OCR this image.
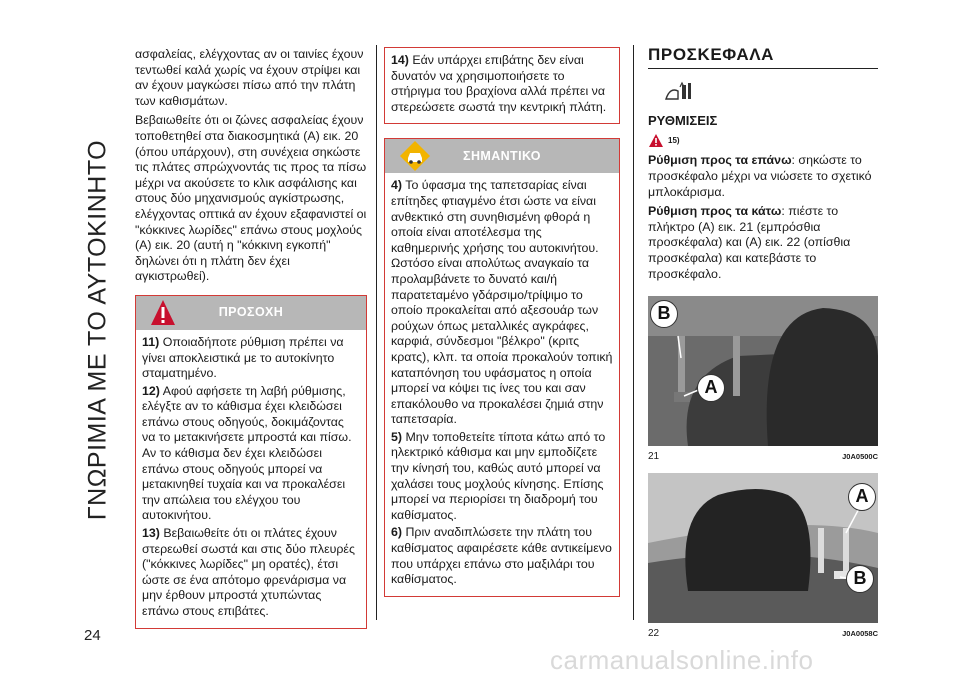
ΓΝΩΡΙΜΙΑ ΜΕ ΤΟ ΑΥΤΟΚΙΝΗΤΟ
24

ασφαλείας, ελέγχοντας αν οι ταινίες έχουν τεντωθεί καλά χωρίς να έχουν στρίψει και αν έχουν μαγκώσει πίσω από την πλάτη των καθισμάτων.

Βεβαιωθείτε ότι οι ζώνες ασφαλείας έχουν τοποθετηθεί στα διακοσμητικά (A) εικ. 20 (όπου υπάρχουν), στη συνέχεια σηκώστε τις πλάτες σπρώχνοντάς τις προς τα πίσω μέχρι να ακούσετε το κλικ ασφάλισης και στους δύο μηχανισμούς αγκίστρωσης, ελέγχοντας οπτικά αν έχουν εξαφανιστεί οι "κόκκινες λωρίδες" επάνω στους μοχλούς (A) εικ. 20 (αυτή η "κόκκινη εγκοπή" δηλώνει ότι η πλάτη δεν έχει αγκιστρωθεί).

ΠΡΟΣΟΧΗ

11) Οποιαδήποτε ρύθμιση πρέπει να γίνει αποκλειστικά με το αυτοκίνητο σταματημένο.

12) Αφού αφήσετε τη λαβή ρύθμισης, ελέγξτε αν το κάθισμα έχει κλειδώσει επάνω στους οδηγούς, δοκιμάζοντας να το μετακινήσετε μπροστά και πίσω. Αν το κάθισμα δεν έχει κλειδώσει επάνω στους οδηγούς μπορεί να μετακινηθεί τυχαία και να προκαλέσει την απώλεια του ελέγχου του αυτοκινήτου.

13) Βεβαιωθείτε ότι οι πλάτες έχουν στερεωθεί σωστά και στις δύο πλευρές ("κόκκινες λωρίδες" μη ορατές), έτσι ώστε σε ένα απότομο φρενάρισμα να μην έρθουν μπροστά χτυπώντας επάνω στους επιβάτες.

14) Εάν υπάρχει επιβάτης δεν είναι δυνατόν να χρησιμοποιήσετε το στήριγμα του βραχίονα αλλά πρέπει να στερεώσετε σωστά την κεντρική πλάτη.

ΣΗΜΑΝΤΙΚΟ

4) Το ύφασμα της ταπετσαρίας είναι επίτηδες φτιαγμένο έτσι ώστε να είναι ανθεκτικό στη συνηθισμένη φθορά η οποία είναι αποτέλεσμα της καθημερινής χρήσης του αυτοκινήτου. Ωστόσο είναι απολύτως αναγκαίο τα προλαμβάνετε το δυνατό και/ή παρατεταμένο γδάρσιμο/τρίψιμο το οποίο προκαλείται από αξεσουάρ των ρούχων όπως μεταλλικές αγκράφες, καρφιά, σύνδεσμοι "βέλκρο" (κριτς κρατς), κλπ. τα οποία προκαλούν τοπική καταπόνηση του υφάσματος η οποία μπορεί να κόψει τις ίνες του και σαν επακόλουθο να προκαλέσει ζημιά στην ταπετσαρία.

5) Μην τοποθετείτε τίποτα κάτω από το ηλεκτρικό κάθισμα και μην εμποδίζετε την κίνησή του, καθώς αυτό μπορεί να χαλάσει τους μοχλούς κίνησης. Επίσης μπορεί να περιορίσει τη διαδρομή του καθίσματος.

6) Πριν αναδιπλώσετε την πλάτη του καθίσματος αφαιρέσετε κάθε αντικείμενο που υπάρχει επάνω στο μαξιλάρι του καθίσματος.

ΠΡΟΣΚΕΦΑΛΑ
ΡΥΘΜΙΣΕΙΣ
15)

Ρύθμιση προς τα επάνω: σηκώστε το προσκέφαλο μέχρι να νιώσετε το σχετικό μπλοκάρισμα.

Ρύθμιση προς τα κάτω: πιέστε το πλήκτρο (A) εικ. 21 (εμπρόσθια προσκέφαλα) και (A) εικ. 22 (οπίσθια προσκέφαλα) και κατεβάστε το προσκέφαλο.

B
A
21	J0A0500C
A
B
22	J0A0058C
carmanualsonline.info
